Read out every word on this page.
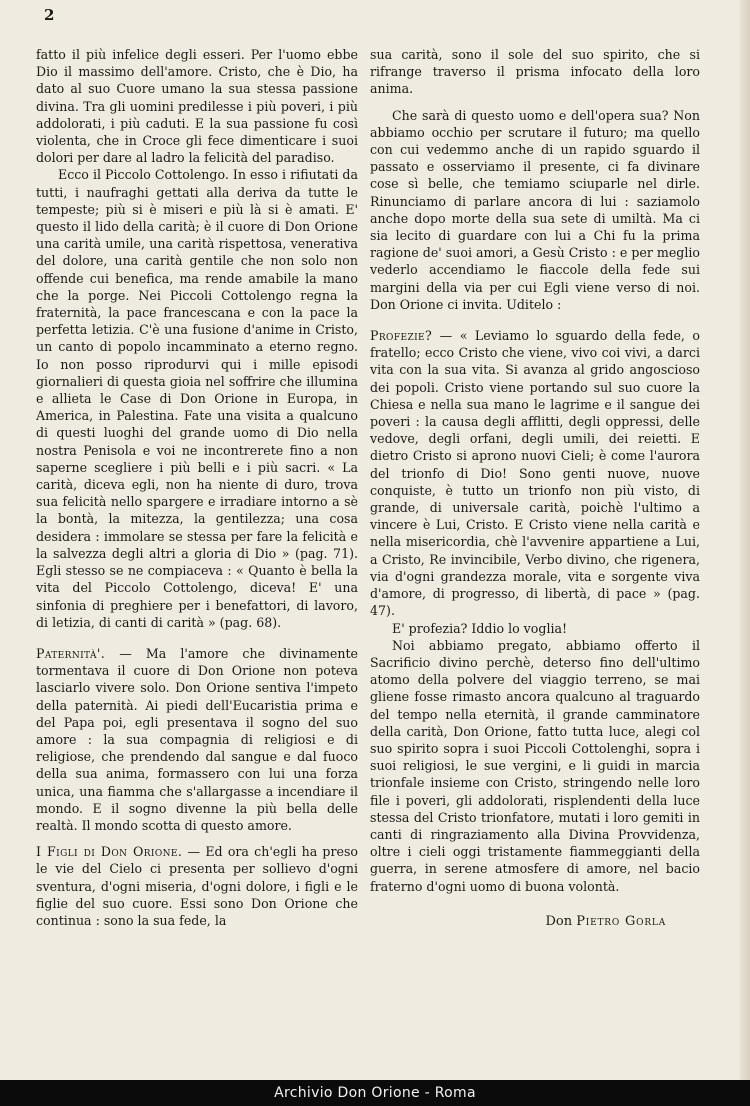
2

fatto il più infelice degli esseri. Per l'uomo ebbe Dio il massimo dell'amore. Cristo, che è Dio, ha dato al suo Cuore umano la sua stessa passione divina. Tra gli uomini predilesse i più poveri, i più addolorati, i più caduti. E la sua passione fu così violenta, che in Croce gli fece dimenticare i suoi dolori per dare al ladro la felicità del paradiso.

Ecco il Piccolo Cottolengo. In esso i rifiutati da tutti, i naufraghi gettati alla deriva da tutte le tempeste; più si è miseri e più là si è amati. E' questo il lido della carità; è il cuore di Don Orione una carità umile, una carità rispettosa, venerativa del dolore, una carità gentile che non solo non offende cui benefica, ma rende amabile la mano che la porge. Nei Piccoli Cottolengo regna la fraternità, la pace francescana e con la pace la perfetta letizia. C'è una fusione d'anime in Cristo, un canto di popolo incamminato a eterno regno. Io non posso riprodurvi qui i mille episodi giornalieri di questa gioia nel soffrire che illumina e allieta le Case di Don Orione in Europa, in America, in Palestina. Fate una visita a qualcuno di questi luoghi del grande uomo di Dio nella nostra Penisola e voi ne incontrerete fino a non saperne scegliere i più belli e i più sacri. « La carità, diceva egli, non ha niente di duro, trova sua felicità nello spargere e irradiare intorno a sè la bontà, la mitezza, la gentilezza; una cosa desidera : immolare se stessa per fare la felicità e la salvezza degli altri a gloria di Dio » (pag. 71). Egli stesso se ne compiaceva : « Quanto è bella la vita del Piccolo Cottolengo, diceva! E' una sinfonia di preghiere per i benefattori, di lavoro, di letizia, di canti di carità » (pag. 68).

Paternità'. — Ma l'amore che divinamente tormentava il cuore di Don Orione non poteva lasciarlo vivere solo. Don Orione sentiva l'impeto della paternità. Ai piedi dell'Eucaristia prima e del Papa poi, egli presentava il sogno del suo amore : la sua compagnia di religiosi e di religiose, che prendendo dal sangue e dal fuoco della sua anima, formassero con lui una forza unica, una fiamma che s'allargasse a incendiare il mondo. E il sogno divenne la più bella delle realtà. Il mondo scotta di questo amore.

I Figli di Don Orione. — Ed ora ch'egli ha preso le vie del Cielo ci presenta per sollievo d'ogni sventura, d'ogni miseria, d'ogni dolore, i figli e le figlie del suo cuore. Essi sono Don Orione che continua : sono la sua fede, la

sua carità, sono il sole del suo spirito, che si rifrange traverso il prisma infocato della loro anima.

Che sarà di questo uomo e dell'opera sua? Non abbiamo occhio per scrutare il futuro; ma quello con cui vedemmo anche di un rapido sguardo il passato e osserviamo il presente, ci fa divinare cose sì belle, che temiamo sciuparle nel dirle. Rinunciamo di parlare ancora di lui : saziamolo anche dopo morte della sua sete di umiltà. Ma ci sia lecito di guardare con lui a Chi fu la prima ragione de' suoi amori, a Gesù Cristo : e per meglio vederlo accendiamo le fiaccole della fede sui margini della via per cui Egli viene verso di noi. Don Orione ci invita. Uditelo :

Profezie? — « Leviamo lo sguardo della fede, o fratello; ecco Cristo che viene, vivo coi vivi, a darci vita con la sua vita. Si avanza al grido angoscioso dei popoli. Cristo viene portando sul suo cuore la Chiesa e nella sua mano le lagrime e il sangue dei poveri : la causa degli afflitti, degli oppressi, delle vedove, degli orfani, degli umili, dei reietti. E dietro Cristo si aprono nuovi Cieli; è come l'aurora del trionfo di Dio! Sono genti nuove, nuove conquiste, è tutto un trionfo non più visto, di grande, di universale carità, poichè l'ultimo a vincere è Lui, Cristo. E Cristo viene nella carità e nella misericordia, chè l'avvenire appartiene a Lui, a Cristo, Re invincibile, Verbo divino, che rigenera, via d'ogni grandezza morale, vita e sorgente viva d'amore, di progresso, di libertà, di pace » (pag. 47).

E' profezia? Iddio lo voglia!

Noi abbiamo pregato, abbiamo offerto il Sacrificio divino perchè, deterso fino dell'ultimo atomo della polvere del viaggio terreno, se mai gliene fosse rimasto ancora qualcuno al traguardo del tempo nella eternità, il grande camminatore della carità, Don Orione, fatto tutta luce, alegi col suo spirito sopra i suoi Piccoli Cottolenghi, sopra i suoi religiosi, le sue vergini, e li guidi in marcia trionfale insieme con Cristo, stringendo nelle loro file i poveri, gli addolorati, risplendenti della luce stessa del Cristo trionfatore, mutati i loro gemiti in canti di ringraziamento alla Divina Provvidenza, oltre i cieli oggi tristamente fiammeggianti della guerra, in serene atmosfere di amore, nel bacio fraterno d'ogni uomo di buona volontà.

Don Pietro Gorla
Archivio Don Orione - Roma
